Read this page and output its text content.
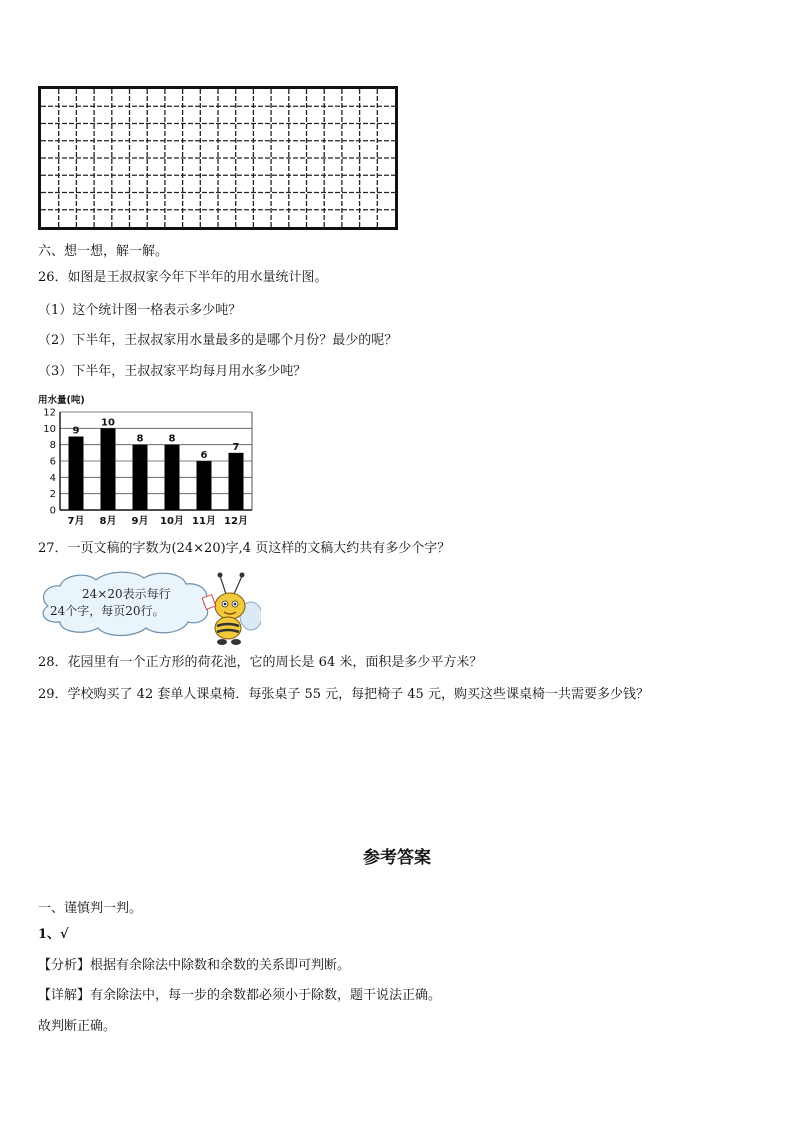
六、想一想，解一解。
26．如图是王叔叔家今年下半年的用水量统计图。
（1）这个统计图一格表示多少吨？
（2）下半年，王叔叔家用水量最多的是哪个月份？最少的呢？
（3）下半年，王叔叔家平均每月用水多少吨？
用水量(吨)
0
2
4
6
8
10
12
9
7月
10
8月
8
9月
8
10月
6
11月
7
12月
27．一页文稿的字数为(24×20)字,4 页这样的文稿大约共有多少个字？
24×20表示每行
24个字，每页20行。
28．花园里有一个正方形的荷花池，它的周长是 64 米，面积是多少平方米？
29．学校购买了 42 套单人课桌椅．每张桌子 55 元，每把椅子 45 元，购买这些课桌椅一共需要多少钱？
参考答案
一、谨慎判一判。
1、√
【分析】根据有余除法中除数和余数的关系即可判断。
【详解】有余除法中，每一步的余数都必须小于除数，题干说法正确。
故判断正确。
